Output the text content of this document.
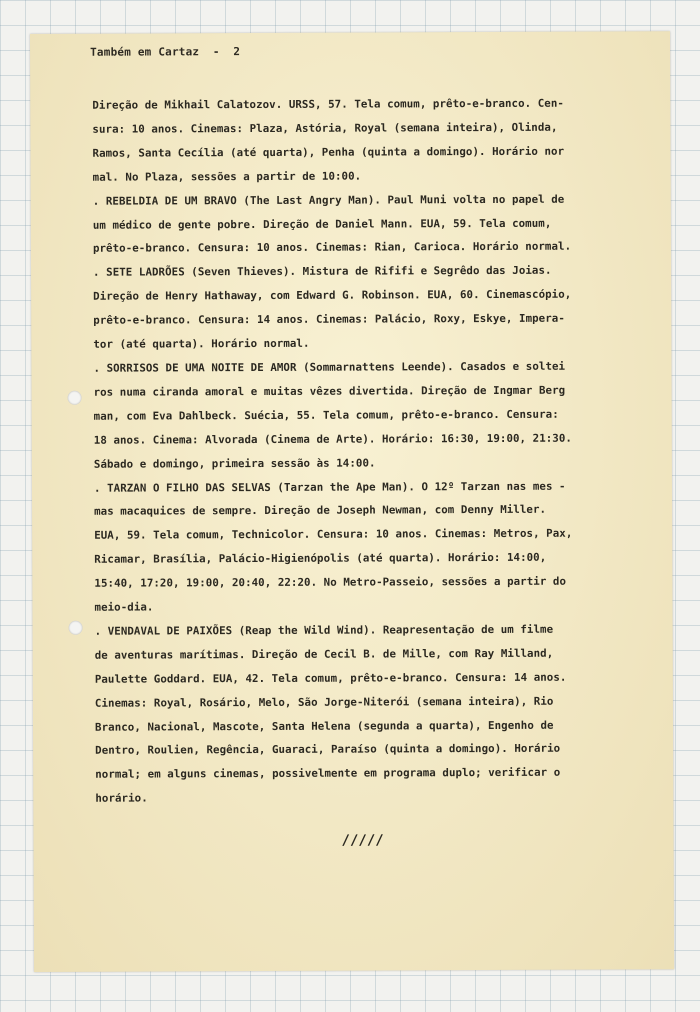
Também em Cartaz  -  2
Direção de Mikhail Calatozov. URSS, 57. Tela comum, prêto-e-branco. Cen-
sura: 10 anos. Cinemas: Plaza, Astória, Royal (semana inteira), Olinda,
Ramos, Santa Cecília (até quarta), Penha (quinta a domingo). Horário nor
mal. No Plaza, sessões a partir de 10:00.
. REBELDIA DE UM BRAVO (The Last Angry Man). Paul Muni volta no papel de
um médico de gente pobre. Direção de Daniel Mann. EUA, 59. Tela comum,
prêto-e-branco. Censura: 10 anos. Cinemas: Rian, Carioca. Horário normal.
. SETE LADRÕES (Seven Thieves). Mistura de Rififi e Segrêdo das Joias.
Direção de Henry Hathaway, com Edward G. Robinson. EUA, 60. Cinemascópio,
prêto-e-branco. Censura: 14 anos. Cinemas: Palácio, Roxy, Eskye, Impera-
tor (até quarta). Horário normal.
. SORRISOS DE UMA NOITE DE AMOR (Sommarnattens Leende). Casados e soltei
ros numa ciranda amoral e muitas vêzes divertida. Direção de Ingmar Berg
man, com Eva Dahlbeck. Suécia, 55. Tela comum, prêto-e-branco. Censura:
18 anos. Cinema: Alvorada (Cinema de Arte). Horário: 16:30, 19:00, 21:30.
Sábado e domingo, primeira sessão às 14:00.
. TARZAN O FILHO DAS SELVAS (Tarzan the Ape Man). O 12º Tarzan nas mes -
mas macaquices de sempre. Direção de Joseph Newman, com Denny Miller.
EUA, 59. Tela comum, Technicolor. Censura: 10 anos. Cinemas: Metros, Pax,
Ricamar, Brasília, Palácio-Higienópolis (até quarta). Horário: 14:00,
15:40, 17:20, 19:00, 20:40, 22:20. No Metro-Passeio, sessões a partir do
meio-dia.
. VENDAVAL DE PAIXÕES (Reap the Wild Wind). Reapresentação de um filme
de aventuras marítimas. Direção de Cecil B. de Mille, com Ray Milland,
Paulette Goddard. EUA, 42. Tela comum, prêto-e-branco. Censura: 14 anos.
Cinemas: Royal, Rosário, Melo, São Jorge-Niterói (semana inteira), Rio
Branco, Nacional, Mascote, Santa Helena (segunda a quarta), Engenho de
Dentro, Roulien, Regência, Guaraci, Paraíso (quinta a domingo). Horário
normal; em alguns cinemas, possivelmente em programa duplo; verificar o
horário.
/////
